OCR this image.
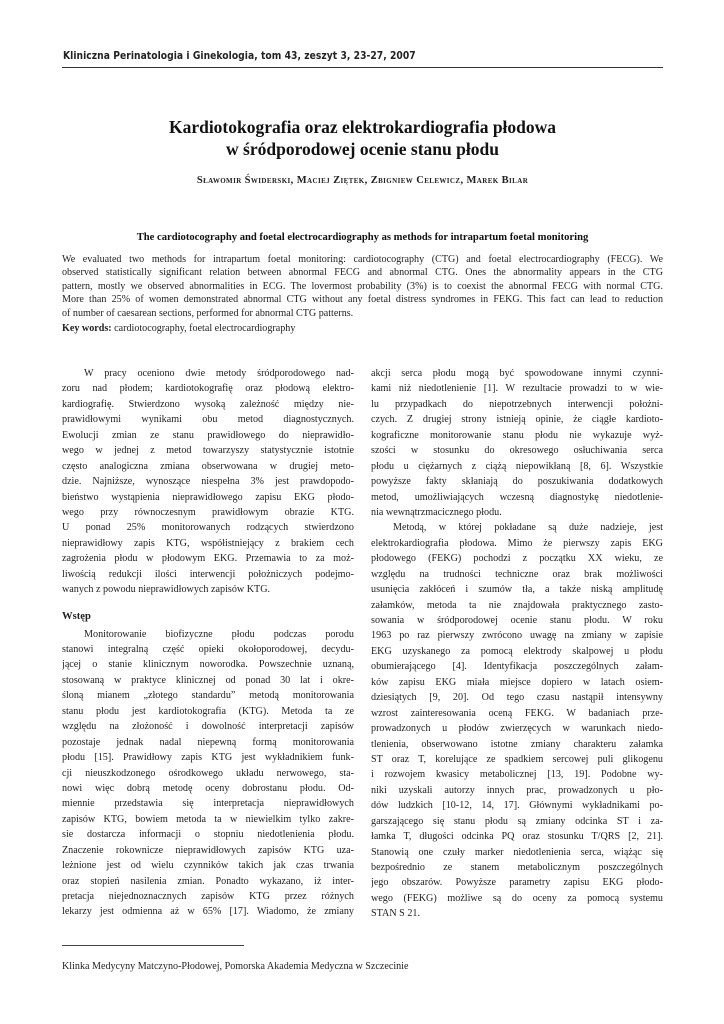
Kliniczna Perinatologia i Ginekologia, tom 43, zeszyt 3, 23-27, 2007
Kardiotokografia oraz elektrokardiografia płodowa
w śródporodowej ocenie stanu płodu
Sławomir Świderski, Maciej Ziętek, Zbigniew Celewicz, Marek Bilar
The cardiotocography and foetal electrocardiography as methods for intrapartum foetal monitoring
We evaluated two methods for intrapartum foetal monitoring: cardiotocography (CTG) and foetal electrocardiography (FECG). We
observed statistically significant relation between abnormal FECG and abnormal CTG. Ones the abnormality appears in the CTG
pattern, mostly we observed abnormalities in ECG. The lovermost probability (3%) is to coexist the abnormal FECG with normal CTG.
More than 25% of women demonstrated abnormal CTG without any foetal distress syndromes in FEKG. This fact can lead to reduction
of number of caesarean sections, performed for abnormal CTG patterns.
Key words: cardiotocography, foetal electrocardiography
W pracy oceniono dwie metody śródporodowego nad-
zoru nad płodem; kardiotokografię oraz płodową elektro-
kardiografię. Stwierdzono wysoką zależność między nie-
prawidłowymi wynikami obu metod diagnostycznych.
Ewolucji zmian ze stanu prawidłowego do nieprawidło-
wego w jednej z metod towarzyszy statystycznie istotnie
często analogiczna zmiana obserwowana w drugiej meto-
dzie. Najniższe, wynoszące niespełna 3% jest prawdopodo-
bieństwo wystąpienia nieprawidłowego zapisu EKG płodo-
wego przy równoczesnym prawidłowym obrazie KTG.
U ponad 25% monitorowanych rodzących stwierdzono
nieprawidłowy zapis KTG, współistniejący z brakiem cech
zagrożenia płodu w płodowym EKG. Przemawia to za moż-
liwością redukcji ilości interwencji położniczych podejmo-
wanych z powodu nieprawidłowych zapisów KTG.
Wstęp
Monitorowanie biofizyczne płodu podczas porodu
stanowi integralną część opieki okołoporodowej, decydu-
jącej o stanie klinicznym noworodka. Powszechnie uznaną,
stosowaną w praktyce klinicznej od ponad 30 lat i okre-
śloną mianem „złotego standardu” metodą monitorowania
stanu płodu jest kardiotokografia (KTG). Metoda ta ze
względu na złożoność i dowolność interpretacji zapisów
pozostaje jednak nadal niepewną formą monitorowania
płodu [15]. Prawidłowy zapis KTG jest wykładnikiem funk-
cji nieuszkodzonego ośrodkowego układu nerwowego, sta-
nowi więc dobrą metodę oceny dobrostanu płodu. Od-
miennie przedstawia się interpretacja nieprawidłowych
zapisów KTG, bowiem metoda ta w niewielkim tylko zakre-
sie dostarcza informacji o stopniu niedotlenienia płodu.
Znaczenie rokownicze nieprawidłowych zapisów KTG uza-
leżnione jest od wielu czynników takich jak czas trwania
oraz stopień nasilenia zmian. Ponadto wykazano, iż inter-
pretacja niejednoznacznych zapisów KTG przez różnych
lekarzy jest odmienna aż w 65% [17]. Wiadomo, że zmiany
akcji serca płodu mogą być spowodowane innymi czynni-
kami niż niedotlenienie [1]. W rezultacie prowadzi to w wie-
lu przypadkach do niepotrzebnych interwencji położni-
czych. Z drugiej strony istnieją opinie, że ciągłe kardioto-
kograficzne monitorowanie stanu płodu nie wykazuje wyż-
szości w stosunku do okresowego osłuchiwania serca
płodu u ciężarnych z ciążą niepowikłaną [8, 6]. Wszystkie
powyższe fakty skłaniają do poszukiwania dodatkowych
metod, umożliwiających wczesną diagnostykę niedotlenie-
nia wewnątrzmacicznego płodu.
Metodą, w której pokładane są duże nadzieje, jest
elektrokardiografia płodowa. Mimo że pierwszy zapis EKG
płodowego (FEKG) pochodzi z początku XX wieku, ze
względu na trudności techniczne oraz brak możliwości
usunięcia zakłóceń i szumów tła, a także niską amplitudę
załamków, metoda ta nie znajdowała praktycznego zasto-
sowania w śródporodowej ocenie stanu płodu. W roku
1963 po raz pierwszy zwrócono uwagę na zmiany w zapisie
EKG uzyskanego za pomocą elektrody skalpowej u płodu
obumierającego [4]. Identyfikacja poszczególnych załam-
ków zapisu EKG miała miejsce dopiero w latach osiem-
dziesiątych [9, 20]. Od tego czasu nastąpił intensywny
wzrost zainteresowania oceną FEKG. W badaniach prze-
prowadzonych u płodów zwierzęcych w warunkach niedo-
tlenienia, obserwowano istotne zmiany charakteru załamka
ST oraz T, korelujące ze spadkiem sercowej puli glikogenu
i rozwojem kwasicy metabolicznej [13, 19]. Podobne wy-
niki uzyskali autorzy innych prac, prowadzonych u pło-
dów ludzkich [10-12, 14, 17]. Głównymi wykładnikami po-
garszającego się stanu płodu są zmiany odcinka ST i za-
łamka T, długości odcinka PQ oraz stosunku T/QRS [2, 21].
Stanowią one czuły marker niedotlenienia serca, wiążąc się
bezpośrednio ze stanem metabolicznym poszczególnych
jego obszarów. Powyższe parametry zapisu EKG płodo-
wego (FEKG) możliwe są do oceny za pomocą systemu
STAN S 21.
Klinka Medycyny Matczyno-Płodowej, Pomorska Akademia Medyczna w Szczecinie
